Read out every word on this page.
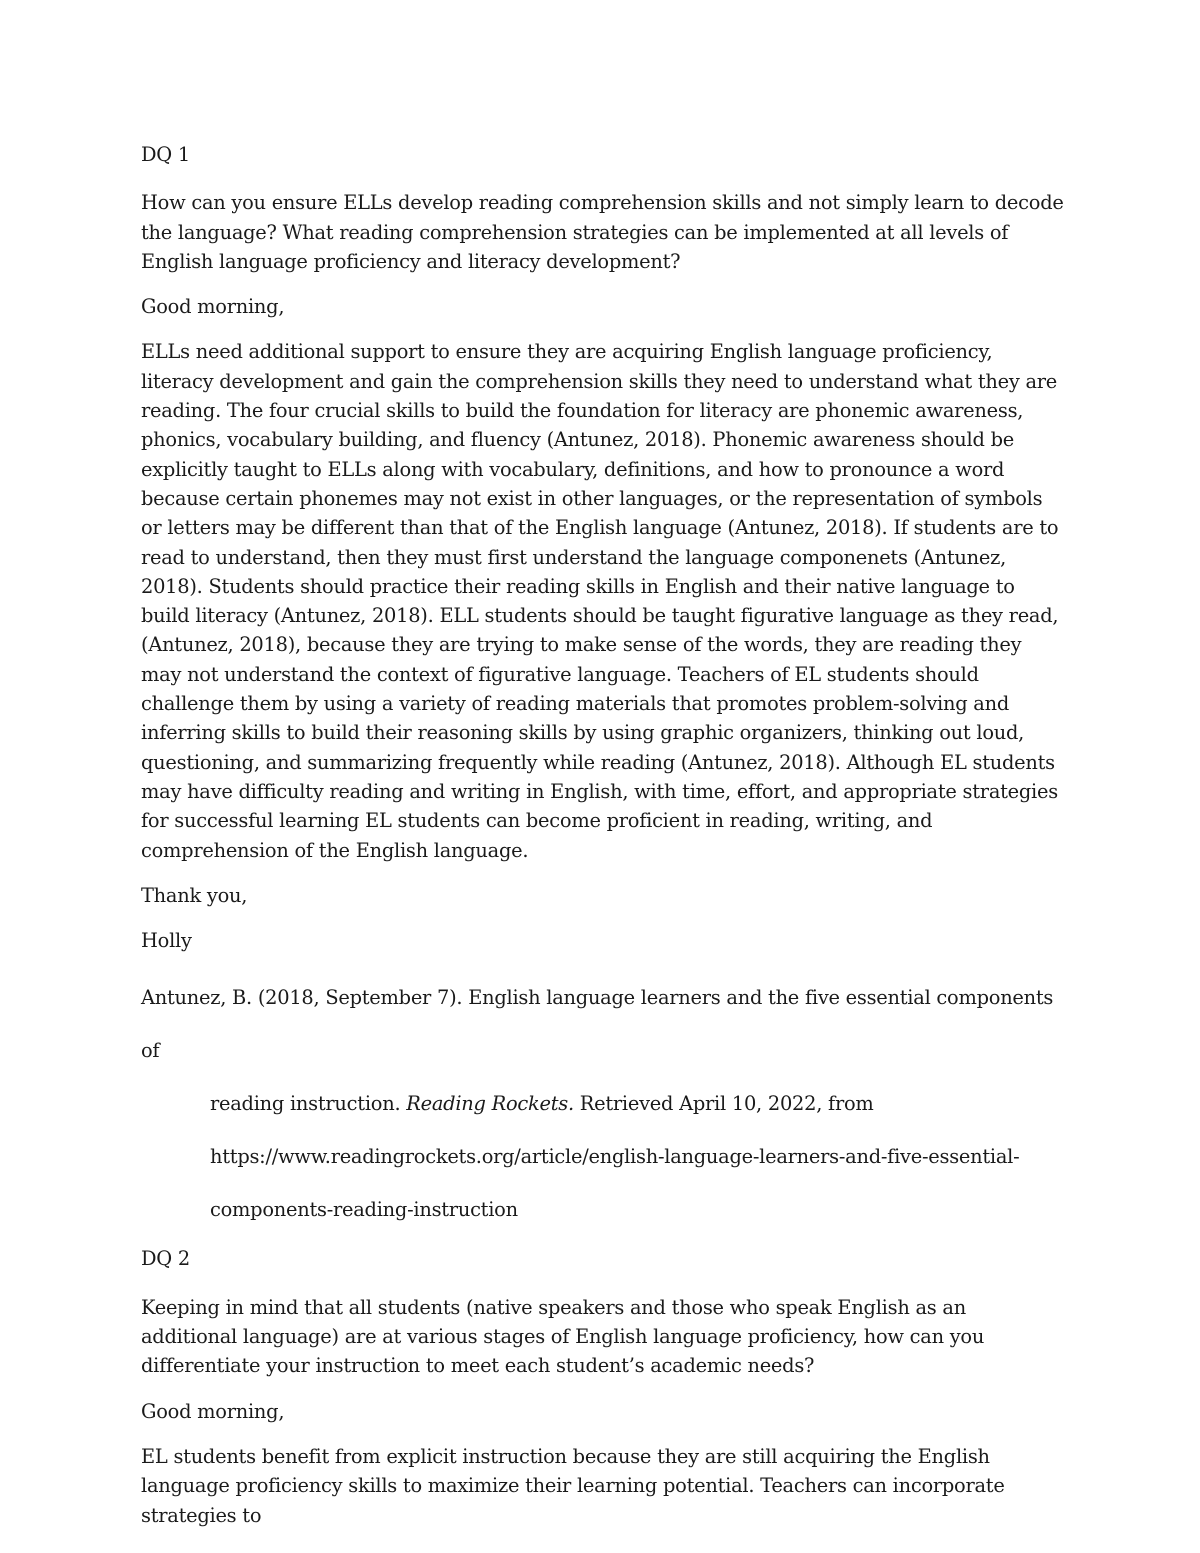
DQ 1

How can you ensure ELLs develop reading comprehension skills and not simply learn to decode the language? What reading comprehension strategies can be implemented at all levels of English language proficiency and literacy development?

Good morning,

ELLs need additional support to ensure they are acquiring English language proficiency, literacy development and gain the comprehension skills they need to understand what they are reading. The four crucial skills to build the foundation for literacy are phonemic awareness, phonics, vocabulary building, and fluency (Antunez, 2018). Phonemic awareness should be explicitly taught to ELLs along with vocabulary, definitions, and how to pronounce a word because certain phonemes may not exist in other languages, or the representation of symbols or letters may be different than that of the English language (Antunez, 2018). If students are to read to understand, then they must first understand the language componenets (Antunez, 2018). Students should practice their reading skills in English and their native language to build literacy (Antunez, 2018). ELL students should be taught figurative language as they read, (Antunez, 2018), because they are trying to make sense of the words, they are reading they may not understand the context of figurative language. Teachers of EL students should challenge them by using a variety of reading materials that promotes problem-solving and inferring skills to build their reasoning skills by using graphic organizers, thinking out loud, questioning, and summarizing frequently while reading (Antunez, 2018). Although EL students may have difficulty reading and writing in English, with time, effort, and appropriate strategies for successful learning EL students can become proficient in reading, writing, and comprehension of the English language.

Thank you,

Holly

Antunez, B. (2018, September 7). English language learners and the five essential components of

reading instruction. Reading Rockets. Retrieved April 10, 2022, from

https://www.readingrockets.org/article/english-language-learners-and-five-essential-

components-reading-instruction

DQ 2

Keeping in mind that all students (native speakers and those who speak English as an additional language) are at various stages of English language proficiency, how can you differentiate your instruction to meet each student’s academic needs?

Good morning,

EL students benefit from explicit instruction because they are still acquiring the English language proficiency skills to maximize their learning potential. Teachers can incorporate strategies to
